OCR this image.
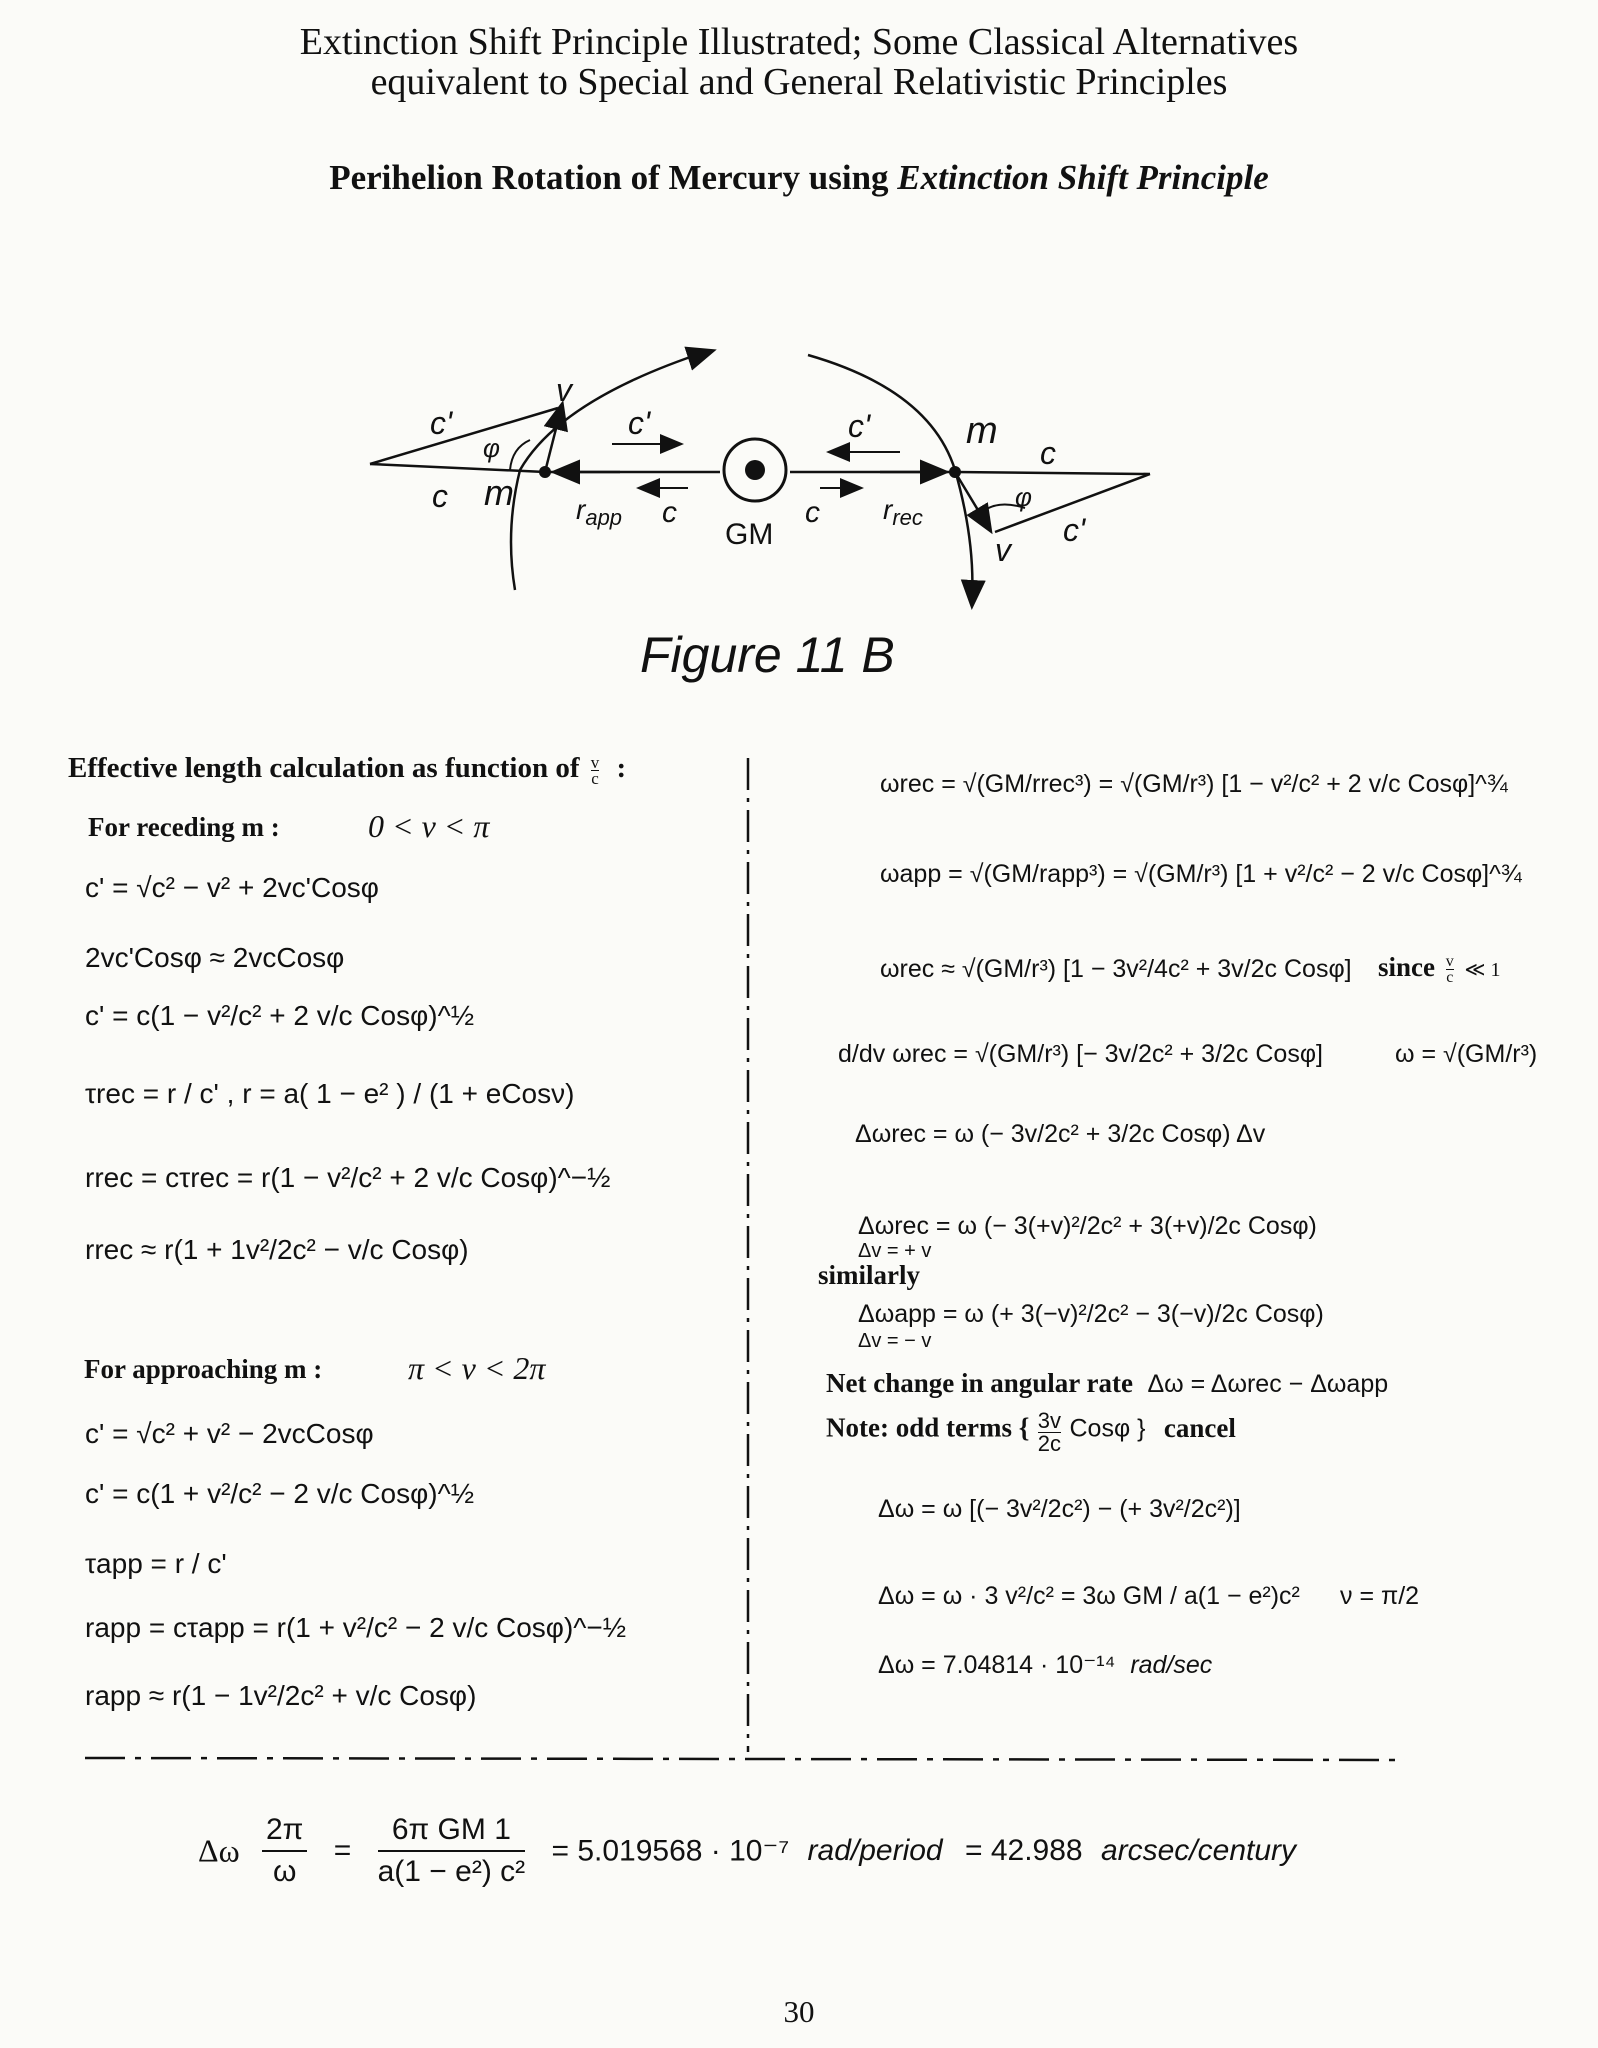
Extinction Shift Principle Illustrated; Some Classical Alternatives
equivalent to Special and General Relativistic Principles
Perihelion Rotation of Mercury using Extinction Shift Principle
c'
φ
v
c m
c'
$r_{app}$ c
GM
c $r_{rec}$
c'	m
c
φ
c'
v
Figure 11 B
Effective length calculation as function of $\frac{v}{c}$ :
For receding m :	0 < ν < π
c' = √c² − v² + 2vc'Cosφ
2vc'Cosφ ≈ 2vcCosφ
c' = c(1 − v²/c² + 2 v/c Cosφ)^½
τrec = r / c' , r = a( 1 − e² ) / (1 + eCosν)
rrec = cτrec = r(1 − v²/c² + 2 v/c Cosφ)^−½
rrec ≈ r(1 + 1v²/2c² − v/c Cosφ)
For approaching m :	π < ν < 2π
c' = √c² + v² − 2vcCosφ
c' = c(1 + v²/c² − 2 v/c Cosφ)^½
τapp = r / c'
rapp = cτapp = r(1 + v²/c² − 2 v/c Cosφ)^−½
rapp ≈ r(1 − 1v²/2c² + v/c Cosφ)
ωrec = √(GM/rrec³) = √(GM/r³) [1 − v²/c² + 2 v/c Cosφ]^¾
ωapp = √(GM/rapp³) = √(GM/r³) [1 + v²/c² − 2 v/c Cosφ]^¾
ωrec ≈ √(GM/r³) [1 − 3v²/4c² + 3v/2c Cosφ] since $\frac{v}{c}$ ≪ 1
d/dv ωrec = √(GM/r³) [− 3v/2c² + 3/2c Cosφ]	ω = √(GM/r³)
Δωrec = ω (− 3v/2c² + 3/2c Cosφ) Δv
Δωrec = ω (− 3(+v)²/2c² + 3(+v)/2c Cosφ)
Δv = + v
similarly
Δωapp = ω (+ 3(−v)²/2c² − 3(−v)/2c Cosφ)
Δv = − v
Net change in angular rate Δω = Δωrec − Δωapp
Note: odd terms { $\frac{3v}{2c}$ Cosφ } cancel
Δω = ω [(− 3v²/2c²) − (+ 3v²/2c²)]
Δω = ω · 3 v²/c² = 3ω GM / a(1 − e²)c² ν = π/2
Δω = 7.04814 · 10⁻¹⁴ rad/sec
Δω $\frac{2\pi}{\omega} = \frac{\text{6π GM 1}}{\text{a(1 − e²) c²}} = 5.019568 \cdot 10^{-7}$ rad/period = 42.988 arcsec/century
30
